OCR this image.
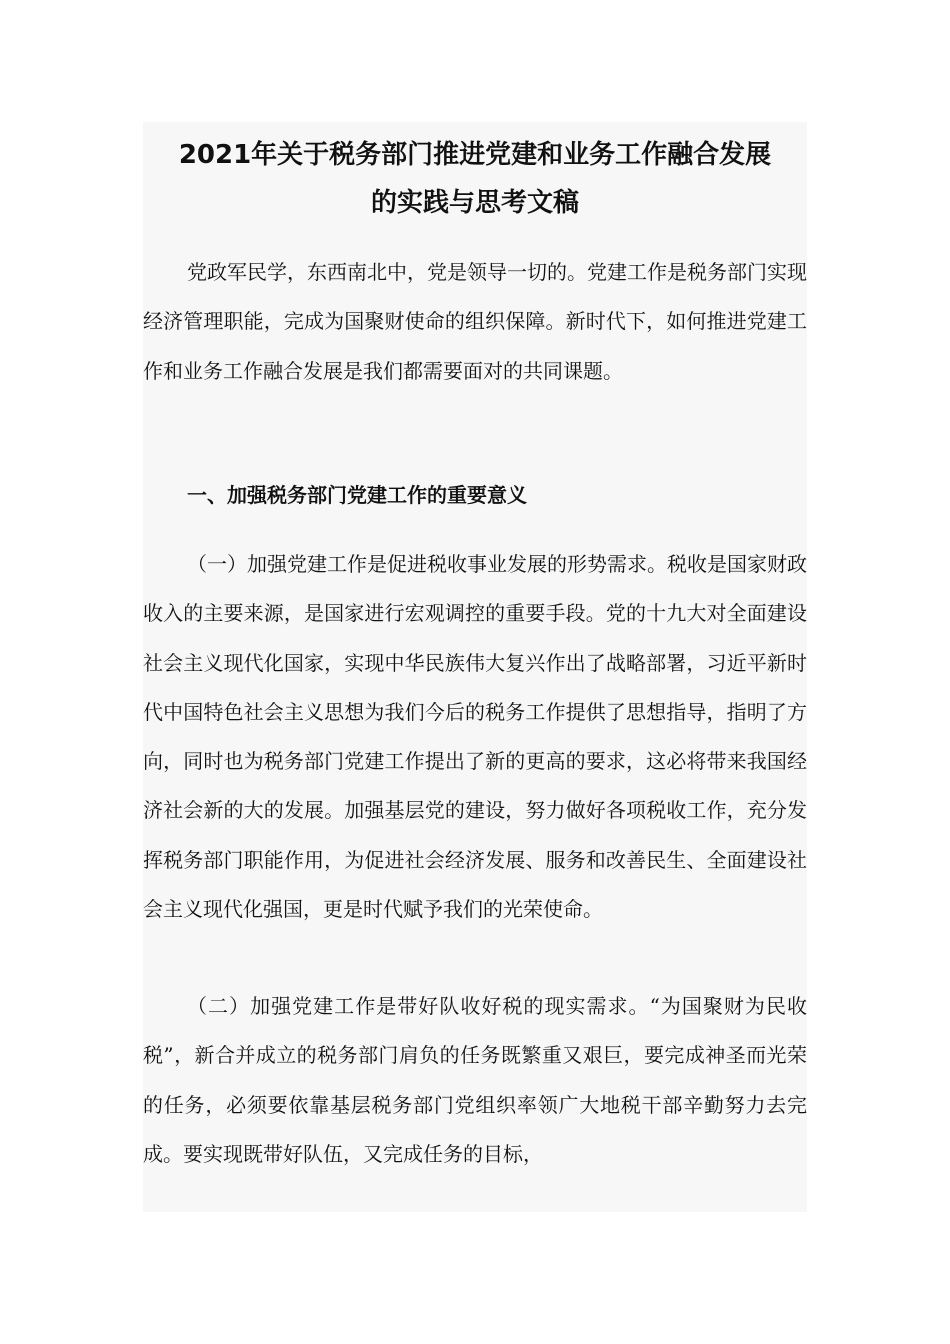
2021年关于税务部门推进党建和业务工作融合发展
的实践与思考文稿

党政军民学，东西南北中，党是领导一切的。党建工作是税务部门实现经济管理职能，完成为国聚财使命的组织保障。新时代下，如何推进党建工作和业务工作融合发展是我们都需要面对的共同课题。

一、加强税务部门党建工作的重要意义

（一）加强党建工作是促进税收事业发展的形势需求。税收是国家财政收入的主要来源，是国家进行宏观调控的重要手段。党的十九大对全面建设社会主义现代化国家，实现中华民族伟大复兴作出了战略部署，习近平新时代中国特色社会主义思想为我们今后的税务工作提供了思想指导，指明了方向，同时也为税务部门党建工作提出了新的更高的要求，这必将带来我国经济社会新的大的发展。加强基层党的建设，努力做好各项税收工作，充分发挥税务部门职能作用，为促进社会经济发展、服务和改善民生、全面建设社会主义现代化强国，更是时代赋予我们的光荣使命。

（二）加强党建工作是带好队收好税的现实需求。“为国聚财为民收税”，新合并成立的税务部门肩负的任务既繁重又艰巨，要完成神圣而光荣的任务，必须要依靠基层税务部门党组织率领广大地税干部辛勤努力去完成。要实现既带好队伍，又完成任务的目标，
